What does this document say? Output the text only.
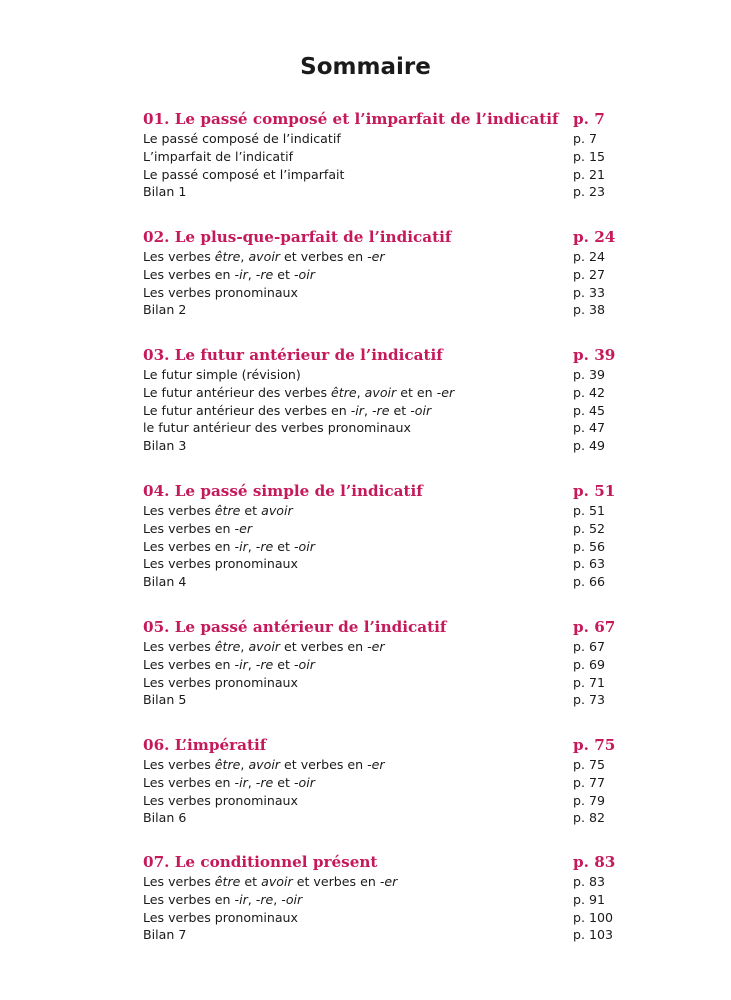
Sommaire
01. Le passé composé et l’imparfait de l’indicatif p. 7
Le passé composé de l’indicatif	p. 7
L’imparfait de l’indicatif	p. 15
Le passé composé et l’imparfait	p. 21
Bilan 1	p. 23
02. Le plus-que-parfait de l’indicatif	p. 24
Les verbes être, avoir et verbes en -er	p. 24
Les verbes en -ir, -re et -oir	p. 27
Les verbes pronominaux	p. 33
Bilan 2	p. 38
03. Le futur antérieur de l’indicatif	p. 39
Le futur simple (révision)	p. 39
Le futur antérieur des verbes être, avoir et en -er	p. 42
Le futur antérieur des verbes en -ir, -re et -oir	p. 45
le futur antérieur des verbes pronominaux	p. 47
Bilan 3	p. 49
04. Le passé simple de l’indicatif	p. 51
Les verbes être et avoir	p. 51
Les verbes en -er	p. 52
Les verbes en -ir, -re et -oir	p. 56
Les verbes pronominaux	p. 63
Bilan 4	p. 66
05. Le passé antérieur de l’indicatif	p. 67
Les verbes être, avoir et verbes en -er	p. 67
Les verbes en -ir, -re et -oir	p. 69
Les verbes pronominaux	p. 71
Bilan 5	p. 73
06. L’impératif	p. 75
Les verbes être, avoir et verbes en -er	p. 75
Les verbes en -ir, -re et -oir	p. 77
Les verbes pronominaux	p. 79
Bilan 6	p. 82
07. Le conditionnel présent	p. 83
Les verbes être et avoir et verbes en -er	p. 83
Les verbes en -ir, -re, -oir	p. 91
Les verbes pronominaux	p. 100
Bilan 7	p. 103
